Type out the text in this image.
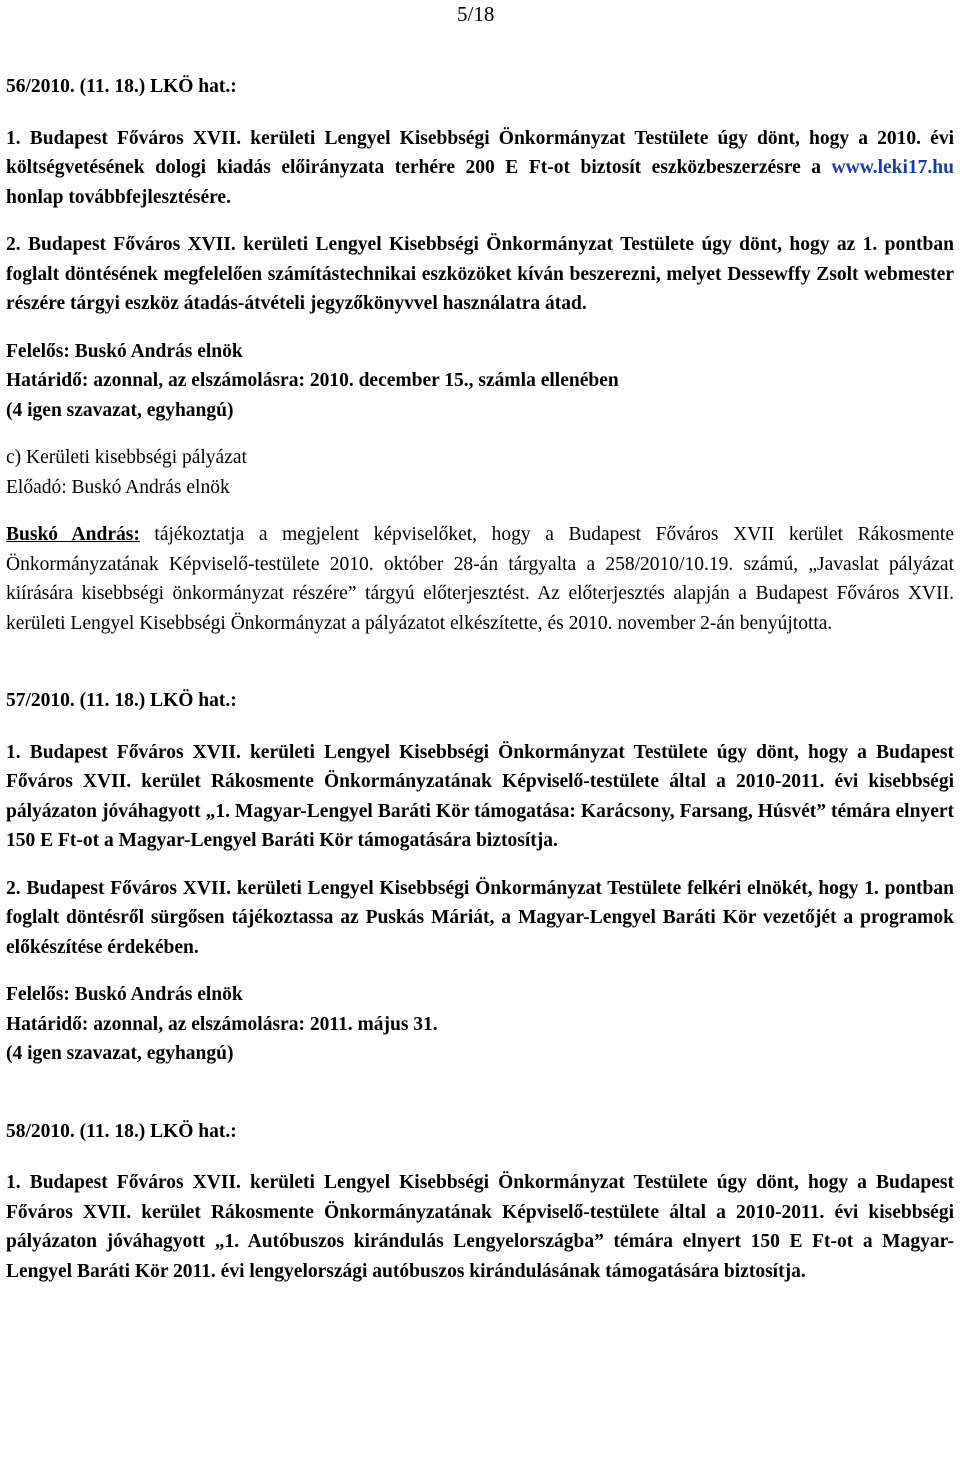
5/18

56/2010. (11. 18.) LKÖ hat.:

1. Budapest Főváros XVII. kerületi Lengyel Kisebbségi Önkormányzat Testülete úgy dönt, hogy a 2010. évi költségvetésének dologi kiadás előirányzata terhére 200 E Ft-ot biztosít eszközbeszerzésre a www.leki17.hu honlap továbbfejlesztésére.

2. Budapest Főváros XVII. kerületi Lengyel Kisebbségi Önkormányzat Testülete úgy dönt, hogy az 1. pontban foglalt döntésének megfelelően számítástechnikai eszközöket kíván beszerezni, melyet Dessewffy Zsolt webmester részére tárgyi eszköz átadás-átvételi jegyzőkönyvvel használatra átad.

Felelős: Buskó András elnök

Határidő: azonnal, az elszámolásra: 2010. december 15., számla ellenében

(4 igen szavazat, egyhangú)

c) Kerületi kisebbségi pályázat

Előadó: Buskó András elnök

Buskó András: tájékoztatja a megjelent képviselőket, hogy a Budapest Főváros XVII kerület Rákosmente Önkormányzatának Képviselő-testülete 2010. október 28-án tárgyalta a 258/2010/10.19. számú, „Javaslat pályázat kiírására kisebbségi önkormányzat részére” tárgyú előterjesztést. Az előterjesztés alapján a Budapest Főváros XVII. kerületi Lengyel Kisebbségi Önkormányzat a pályázatot elkészítette, és 2010. november 2-án benyújtotta.

57/2010. (11. 18.) LKÖ hat.:

1. Budapest Főváros XVII. kerületi Lengyel Kisebbségi Önkormányzat Testülete úgy dönt, hogy a Budapest Főváros XVII. kerület Rákosmente Önkormányzatának Képviselő-testülete által a 2010-2011. évi kisebbségi pályázaton jóváhagyott „1. Magyar-Lengyel Baráti Kör támogatása: Karácsony, Farsang, Húsvét” témára elnyert 150 E Ft-ot a Magyar-Lengyel Baráti Kör támogatására biztosítja.

2. Budapest Főváros XVII. kerületi Lengyel Kisebbségi Önkormányzat Testülete felkéri elnökét, hogy 1. pontban foglalt döntésről sürgősen tájékoztassa az Puskás Máriát, a Magyar-Lengyel Baráti Kör vezetőjét a programok előkészítése érdekében.

Felelős: Buskó András elnök

Határidő: azonnal, az elszámolásra: 2011. május 31.

(4 igen szavazat, egyhangú)

58/2010. (11. 18.) LKÖ hat.:

1. Budapest Főváros XVII. kerületi Lengyel Kisebbségi Önkormányzat Testülete úgy dönt, hogy a Budapest Főváros XVII. kerület Rákosmente Önkormányzatának Képviselő-testülete által a 2010-2011. évi kisebbségi pályázaton jóváhagyott „1. Autóbuszos kirándulás Lengyelországba” témára elnyert 150 E Ft-ot a Magyar-Lengyel Baráti Kör 2011. évi lengyelországi autóbuszos kirándulásának támogatására biztosítja.
